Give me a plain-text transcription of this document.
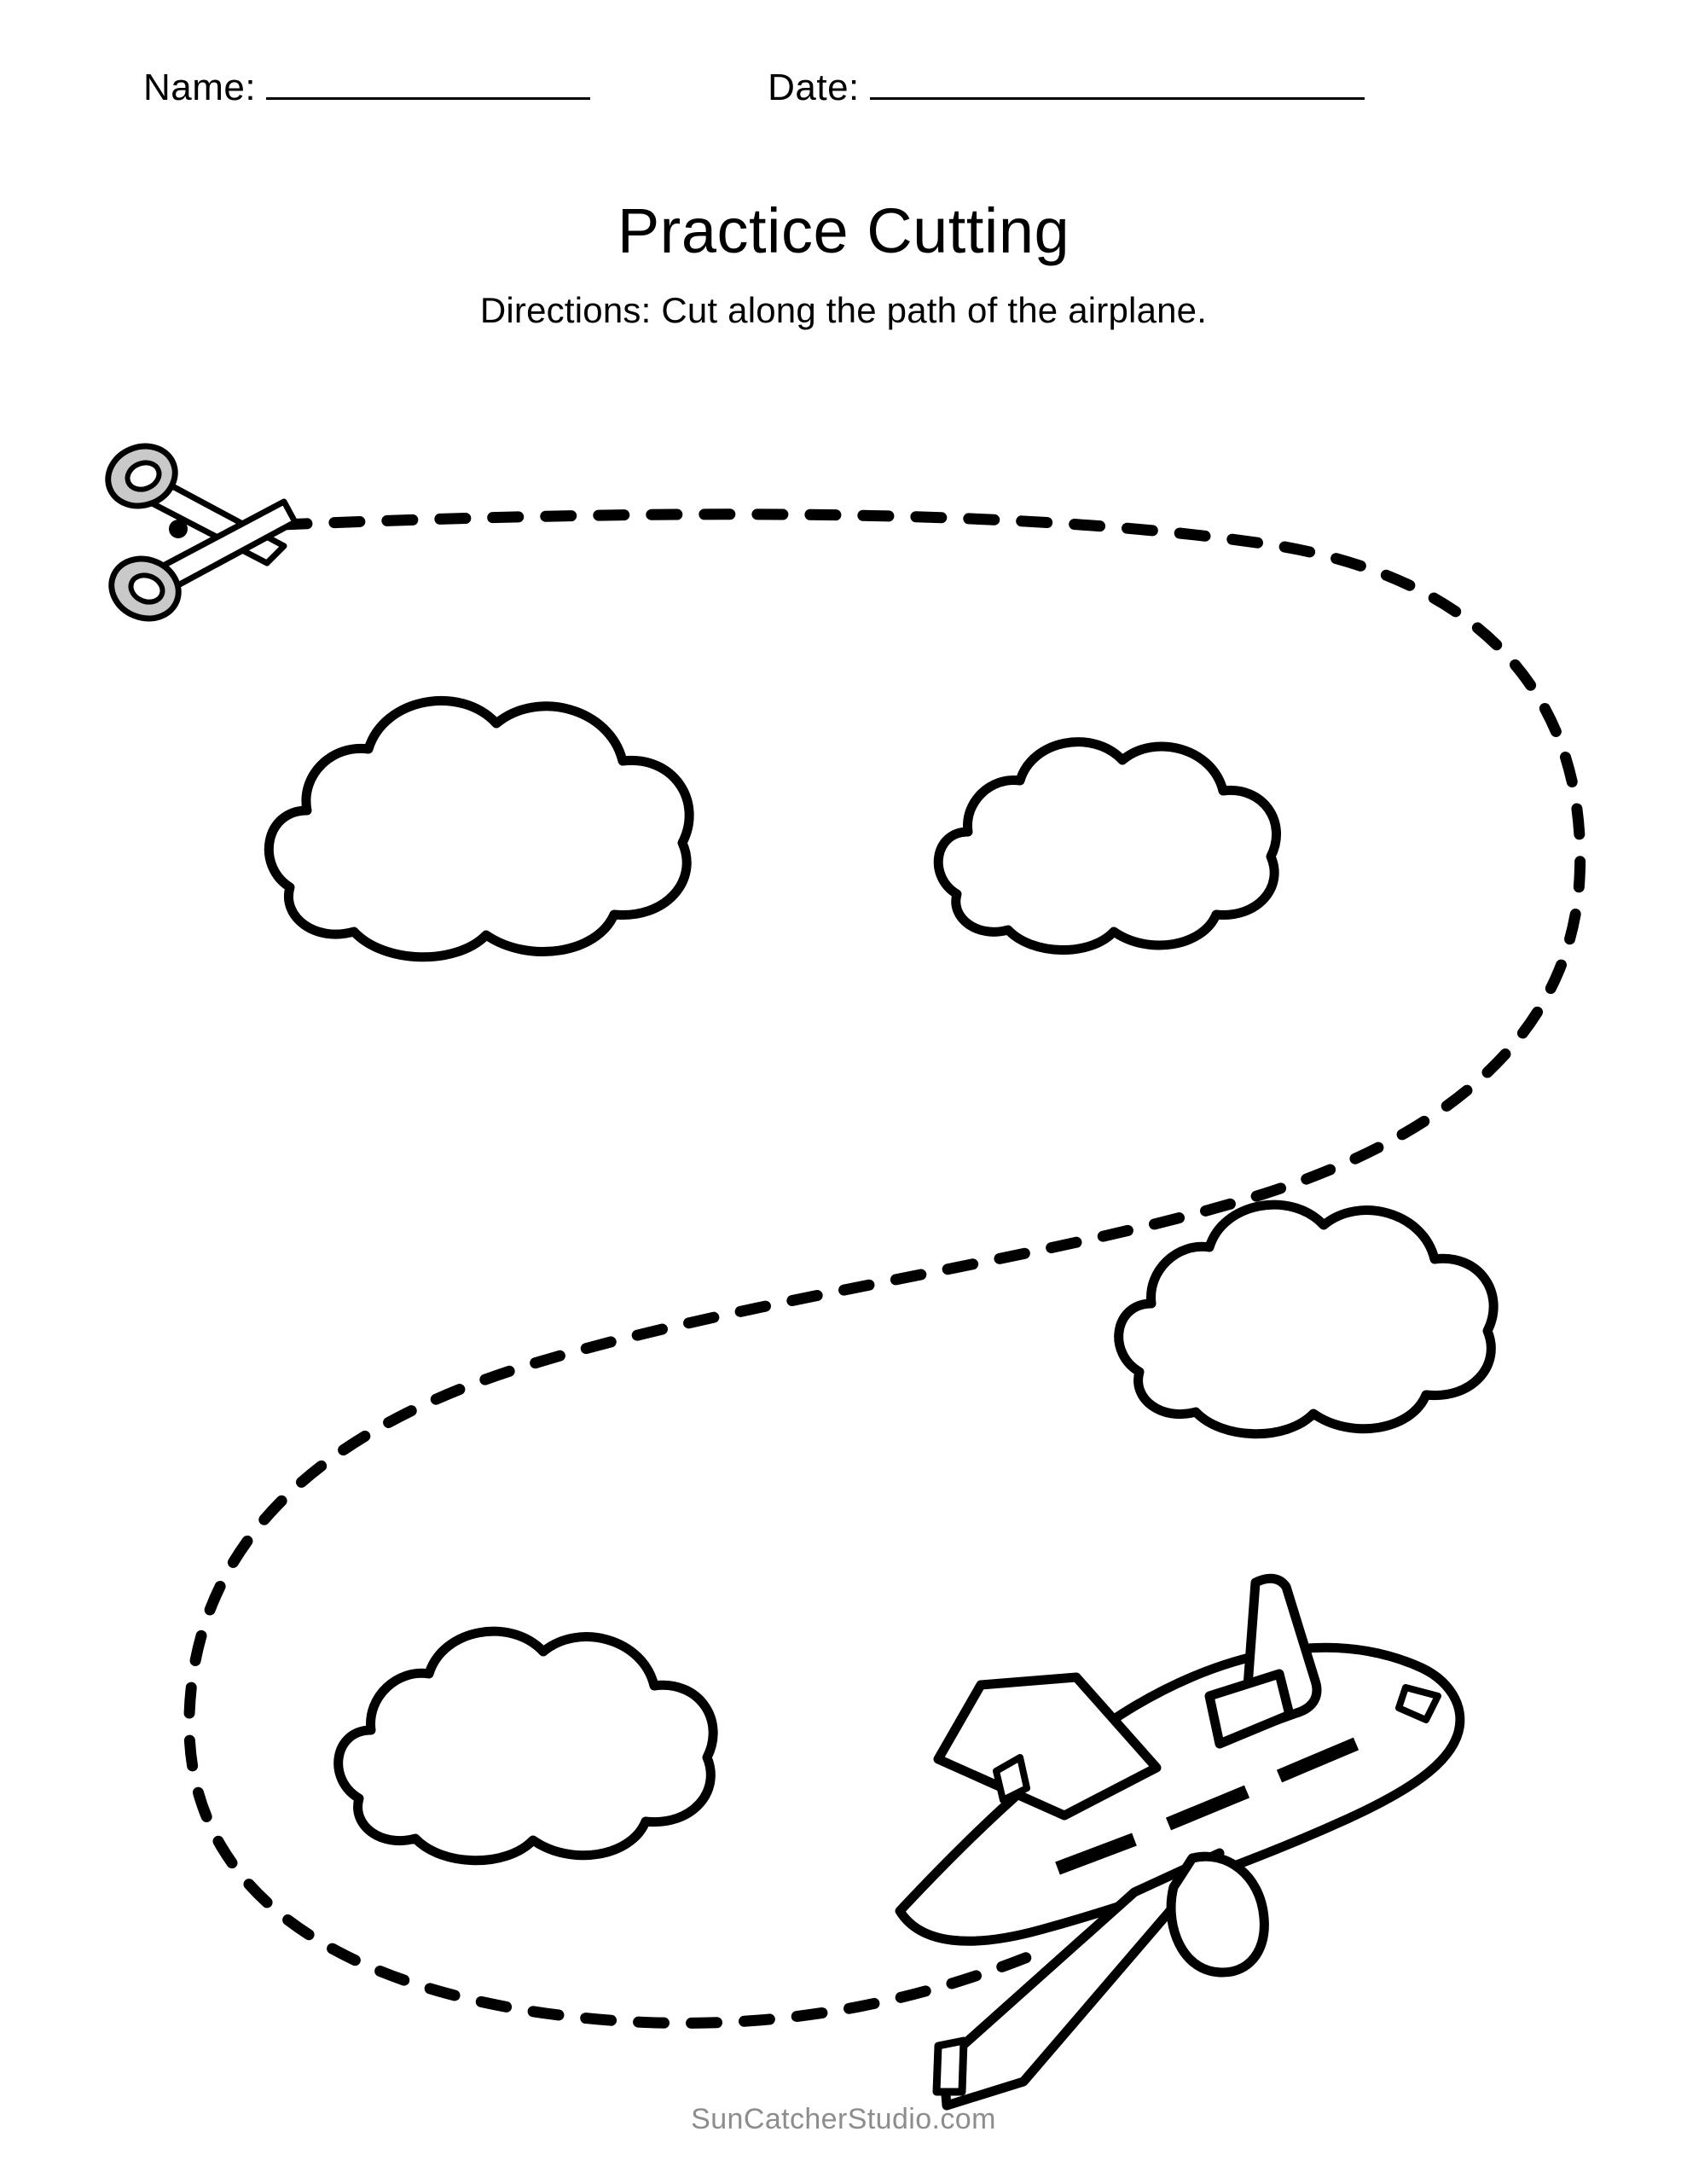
Name:	Date:
Practice Cutting
Directions: Cut along the path of the airplane.
SunCatcherStudio.com
